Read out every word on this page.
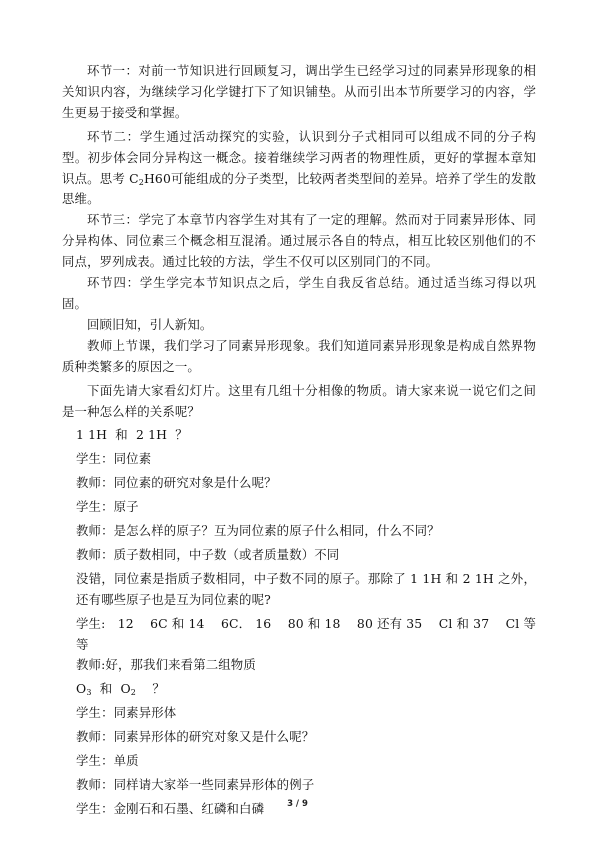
环节一：对前一节知识进行回顾复习，调出学生已经学习过的同素异形现象的相关知识内容，为继续学习化学键打下了知识铺垫。从而引出本节所要学习的内容，学生更易于接受和掌握。

环节二：学生通过活动探究的实验，认识到分子式相同可以组成不同的分子构型。初步体会同分异构这一概念。接着继续学习两者的物理性质，更好的掌握本章知识点。思考 $C_2H60$可能组成的分子类型，比较两者类型间的差异。培养了学生的发散思维。

环节三：学完了本章节内容学生对其有了一定的理解。然而对于同素异形体、同分异构体、同位素三个概念相互混淆。通过展示各自的特点，相互比较区别他们的不同点，罗列成表。通过比较的方法，学生不仅可以区别同门的不同。

环节四：学生学完本节知识点之后，学生自我反省总结。通过适当练习得以巩固。

回顾旧知，引人新知。

教师上节课，我们学习了同素异形现象。我们知道同素异形现象是构成自然界物质种类繁多的原因之一。

下面先请大家看幻灯片。这里有几组十分相像的物质。请大家来说一说它们之间是一种怎么样的关系呢？

1 1H  和  2 1H  ？

学生：同位素

教师：同位素的研究对象是什么呢？

学生：原子

教师：是怎么样的原子？互为同位素的原子什么相同，什么不同？

教师：质子数相同，中子数（或者质量数）不同

没错，同位素是指质子数相同，中子数不同的原子。那除了 1 1H 和 2 1H 之外，还有哪些原子也是互为同位素的呢?

学生:   12    6C 和 14    6C． 16    80 和 18    80 还有 35    Cl 和 37    Cl 等等

教师:好，那我们来看第二组物质

$O_3$  和  $O_2$    ？

学生：同素异形体

教师：同素异形体的研究对象又是什么呢？

学生：单质

教师：同样请大家举一些同素异形体的例子

学生：金刚石和石墨、红磷和白磷	3 / 9
